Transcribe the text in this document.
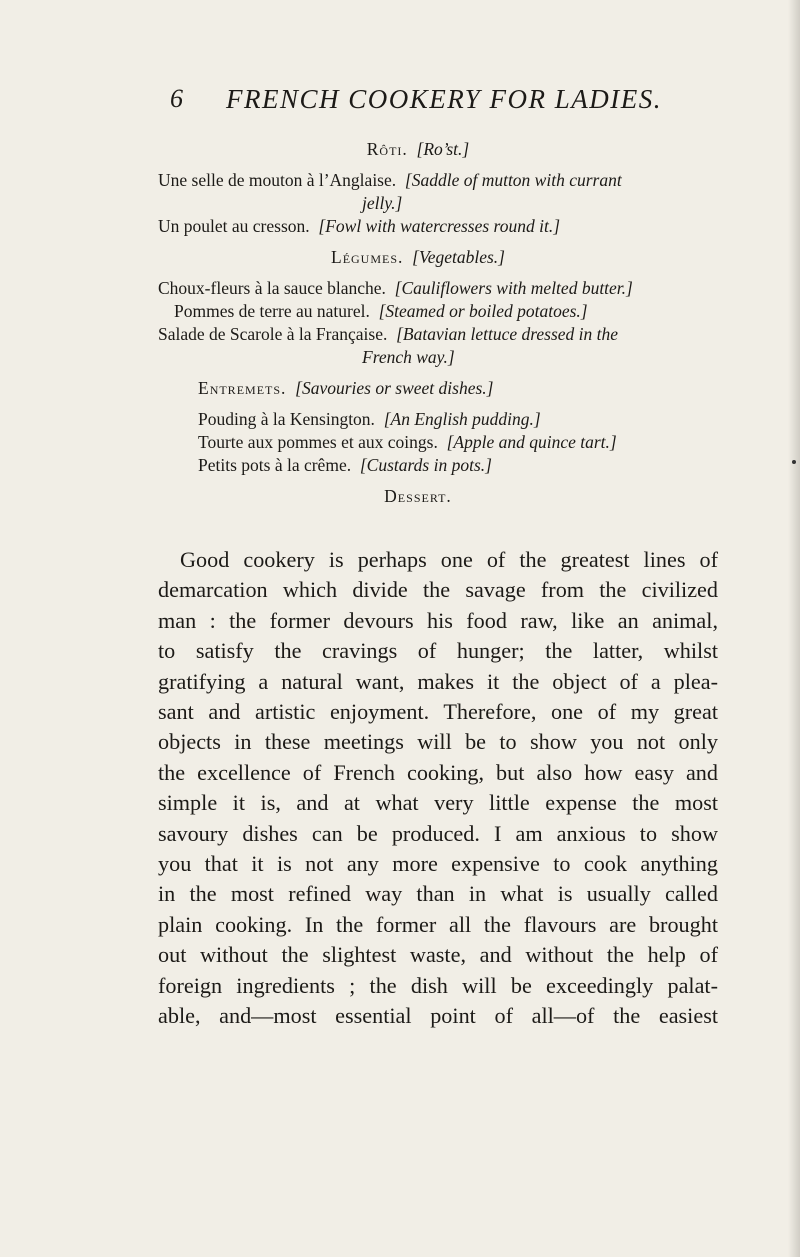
6 FRENCH COOKERY FOR LADIES.
Rôti. [Ro’st.]
Une selle de mouton à l’Anglaise. [Saddle of mutton with currant
jelly.]
Un poulet au cresson. [Fowl with watercresses round it.]
Légumes. [Vegetables.]
Choux-fleurs à la sauce blanche. [Cauliflowers with melted butter.]
Pommes de terre au naturel. [Steamed or boiled potatoes.]
Salade de Scarole à la Française. [Batavian lettuce dressed in the
French way.]
Entremets. [Savouries or sweet dishes.]
Pouding à la Kensington. [An English pudding.]
Tourte aux pommes et aux coings. [Apple and quince tart.]
Petits pots à la crême. [Custards in pots.]
Dessert.
Good cookery is perhaps one of the greatest lines of
demarcation which divide the savage from the civilized
man : the former devours his food raw, like an animal,
to satisfy the cravings of hunger; the latter, whilst
gratifying a natural want, makes it the object of a plea-
sant and artistic enjoyment. Therefore, one of my great
objects in these meetings will be to show you not only
the excellence of French cooking, but also how easy and
simple it is, and at what very little expense the most
savoury dishes can be produced. I am anxious to show
you that it is not any more expensive to cook anything
in the most refined way than in what is usually called
plain cooking. In the former all the flavours are brought
out without the slightest waste, and without the help of
foreign ingredients ; the dish will be exceedingly palat-
able, and—most essential point of all—of the easiest
